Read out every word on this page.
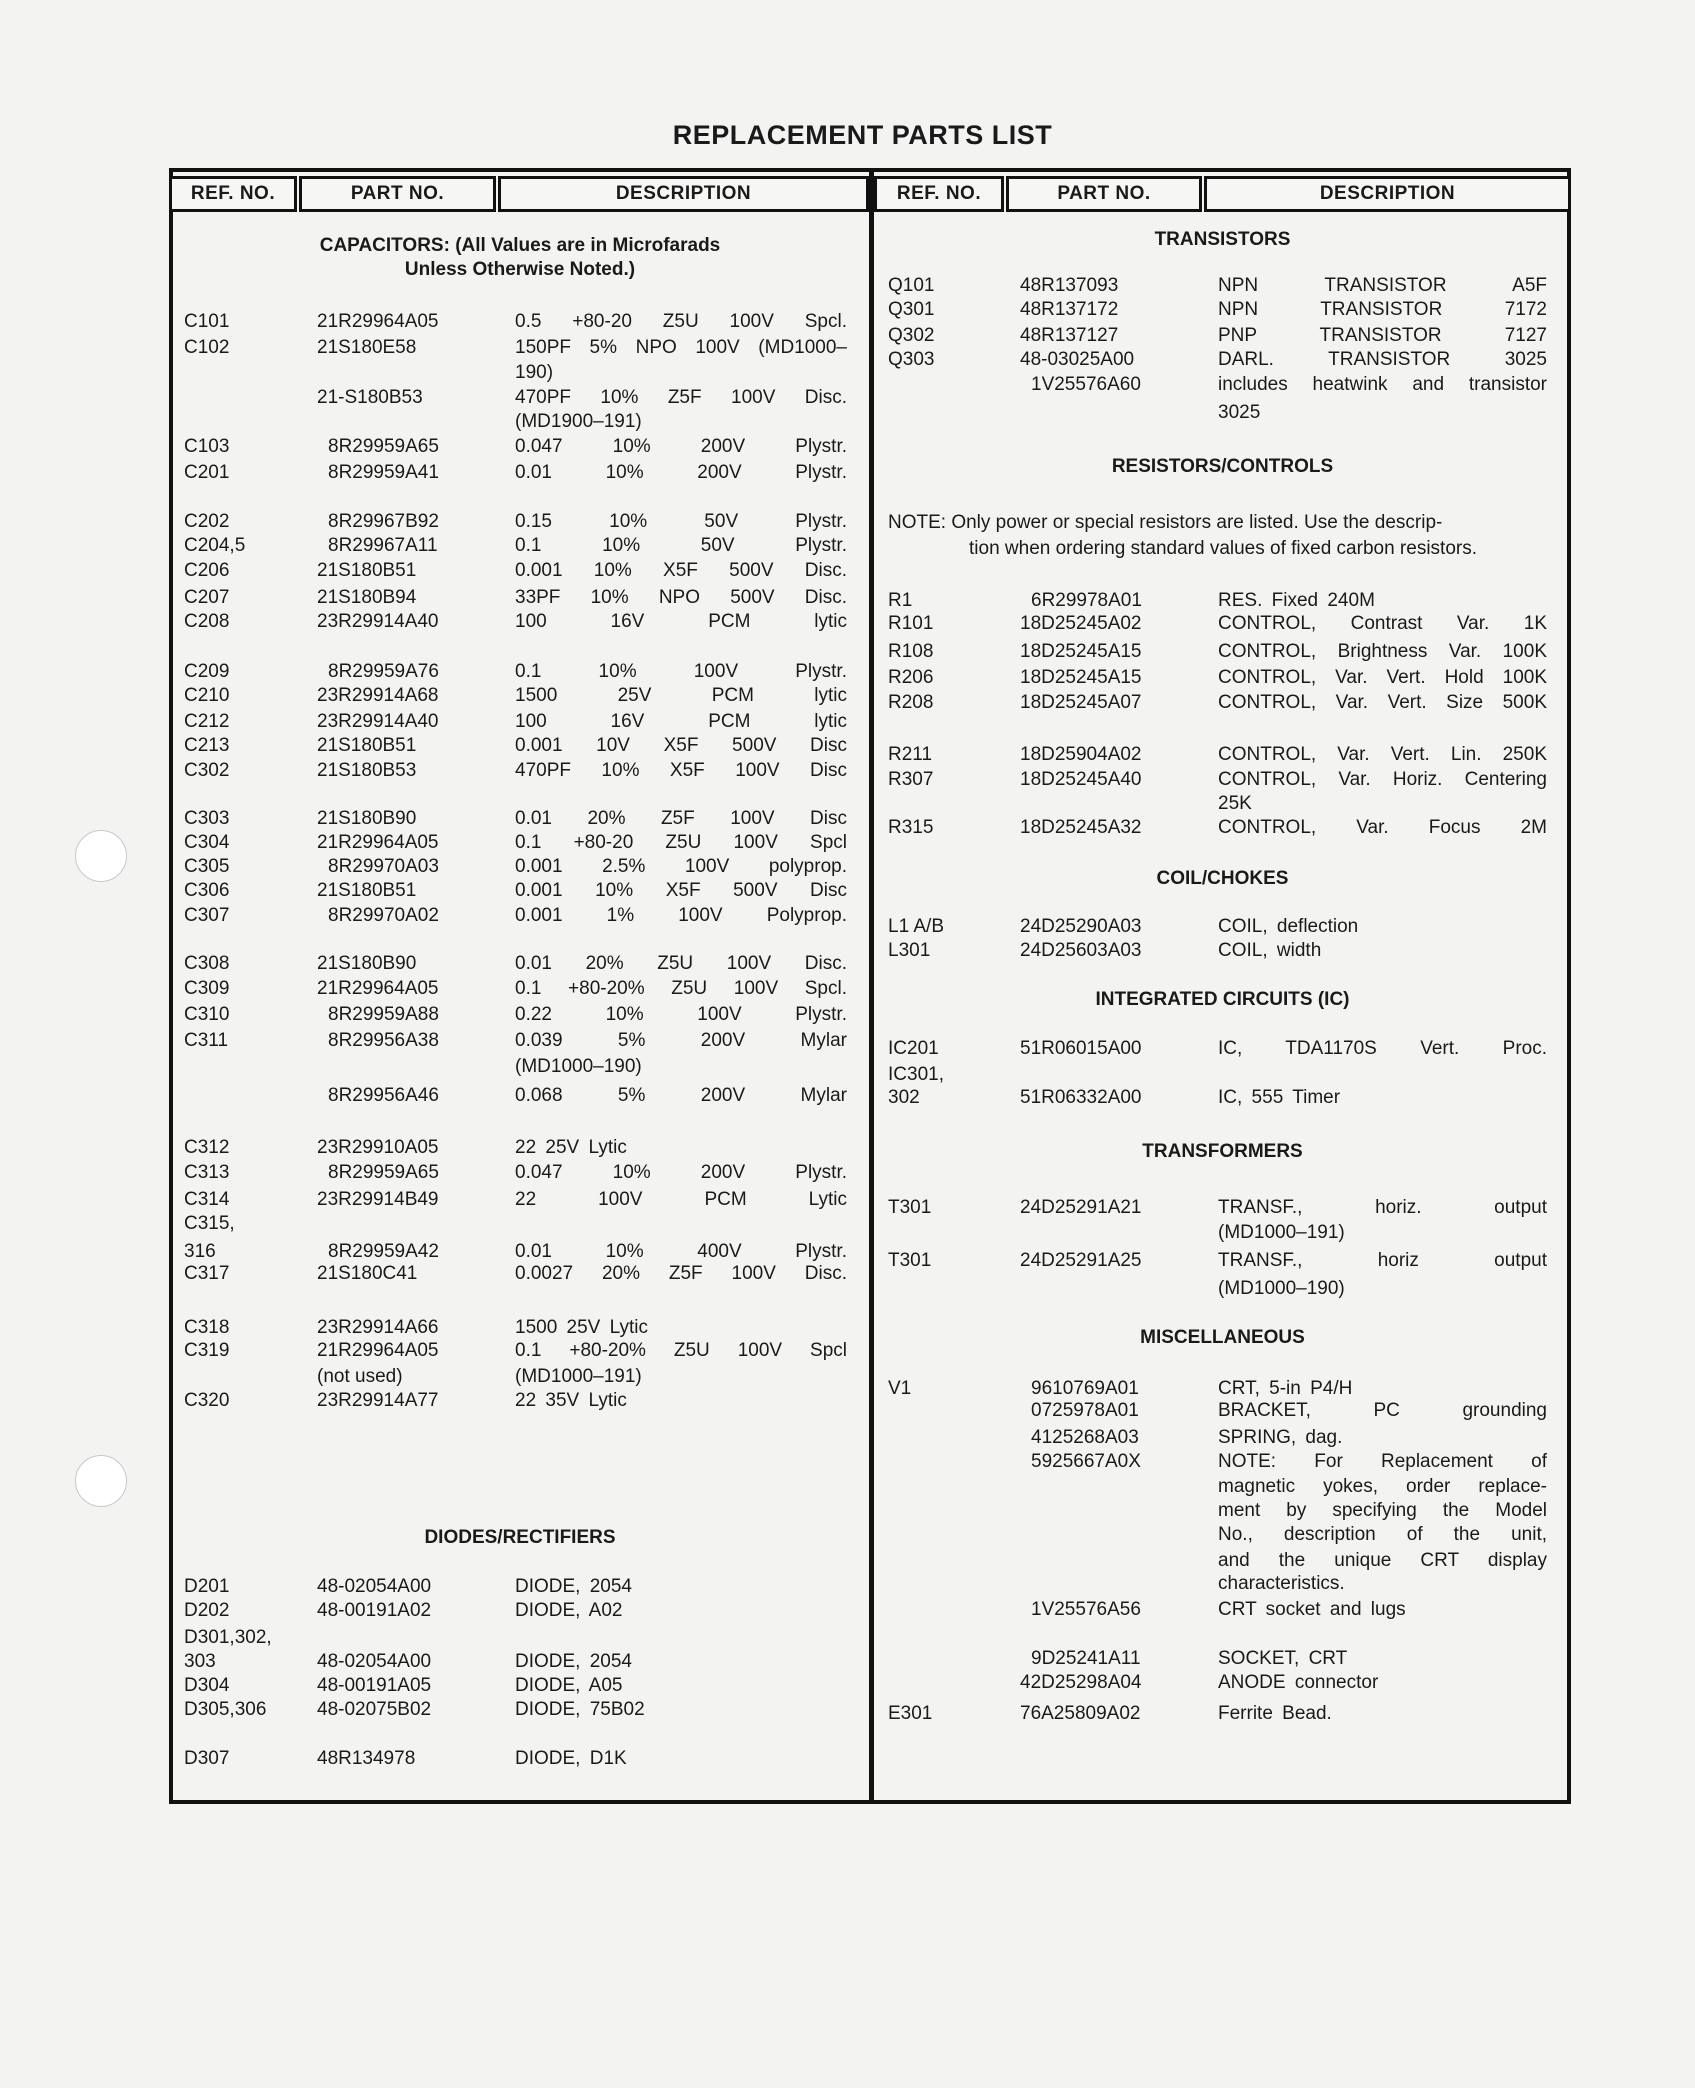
REPLACEMENT PARTS LIST
REF. NO.	PART NO.	DESCRIPTION	REF. NO.	PART NO.	DESCRIPTION
CAPACITORS: (All Values are in Microfarads
Unless Otherwise Noted.)
C101	21R29964A05	0.5 +80-20 Z5U 100V Spcl.
C102	21S180E58	150PF 5% NPO 100V (MD1000–
190)
21-S180B53	470PF 10% Z5F 100V Disc.
(MD1900–191)
C103	8R29959A65	0.047 10% 200V Plystr.
C201	8R29959A41	0.01 10% 200V Plystr.
C202	8R29967B92	0.15 10% 50V Plystr.
C204,5	8R29967A11	0.1 10% 50V Plystr.
C206	21S180B51	0.001 10% X5F 500V Disc.
C207	21S180B94	33PF 10% NPO 500V Disc.
C208	23R29914A40	100 16V PCM lytic
C209	8R29959A76	0.1 10% 100V Plystr.
C210	23R29914A68	1500 25V PCM lytic
C212	23R29914A40	100 16V PCM lytic
C213	21S180B51	0.001 10V X5F 500V Disc
C302	21S180B53	470PF 10% X5F 100V Disc
C303	21S180B90	0.01 20% Z5F 100V Disc
C304	21R29964A05	0.1 +80-20 Z5U 100V Spcl
C305	8R29970A03	0.001 2.5% 100V polyprop.
C306	21S180B51	0.001 10% X5F 500V Disc
C307	8R29970A02	0.001 1% 100V Polyprop.
C308	21S180B90	0.01 20% Z5U 100V Disc.
C309	21R29964A05	0.1 +80-20% Z5U 100V Spcl.
C310	8R29959A88	0.22 10% 100V Plystr.
C311	8R29956A38	0.039 5% 200V Mylar
(MD1000–190)
8R29956A46	0.068 5% 200V Mylar
C312	23R29910A05	22 25V Lytic
C313	8R29959A65	0.047 10% 200V Plystr.
C314	23R29914B49	22 100V PCM Lytic
C315,
316	8R29959A42	0.01 10% 400V Plystr.
C317	21S180C41	0.0027 20% Z5F 100V Disc.
C318	23R29914A66	1500 25V Lytic
C319	21R29964A05	0.1 +80-20% Z5U 100V Spcl
(not used)	(MD1000–191)
C320	23R29914A77	22 35V Lytic
DIODES/RECTIFIERS
D201	48-02054A00	DIODE, 2054
D202	48-00191A02	DIODE, A02
D301,302,
303	48-02054A00	DIODE, 2054
D304	48-00191A05	DIODE, A05
D305,306	48-02075B02	DIODE, 75B02
D307	48R134978	DIODE, D1K
TRANSISTORS
Q101	48R137093	NPN TRANSISTOR A5F
Q301	48R137172	NPN TRANSISTOR 7172
Q302	48R137127	PNP TRANSISTOR 7127
Q303	48-03025A00	DARL. TRANSISTOR 3025
1V25576A60	includes heatwink and transistor
3025
RESISTORS/CONTROLS
NOTE: Only power or special resistors are listed. Use the descrip-
tion when ordering standard values of fixed carbon resistors.
R1	6R29978A01	RES. Fixed 240M
R101	18D25245A02	CONTROL, Contrast Var. 1K
R108	18D25245A15	CONTROL, Brightness Var. 100K
R206	18D25245A15	CONTROL, Var. Vert. Hold 100K
R208	18D25245A07	CONTROL, Var. Vert. Size 500K
R211	18D25904A02	CONTROL, Var. Vert. Lin. 250K
R307	18D25245A40	CONTROL, Var. Horiz. Centering
25K
R315	18D25245A32	CONTROL, Var. Focus 2M
COIL/CHOKES
L1 A/B	24D25290A03	COIL, deflection
L301	24D25603A03	COIL, width
INTEGRATED CIRCUITS (IC)
IC201	51R06015A00	IC, TDA1170S Vert. Proc.
IC301,
302	51R06332A00	IC, 555 Timer
TRANSFORMERS
T301	24D25291A21	TRANSF., horiz. output
(MD1000–191)
T301	24D25291A25	TRANSF., horiz output
(MD1000–190)
MISCELLANEOUS
V1	9610769A01	CRT, 5-in P4/H
0725978A01	BRACKET, PC grounding
4125268A03	SPRING, dag.
5925667A0X	NOTE: For Replacement of
magnetic yokes, order replace-
ment by specifying the Model
No., description of the unit,
and the unique CRT display
characteristics.
1V25576A56	CRT socket and lugs
9D25241A11	SOCKET, CRT
42D25298A04	ANODE connector
E301	76A25809A02	Ferrite Bead.
